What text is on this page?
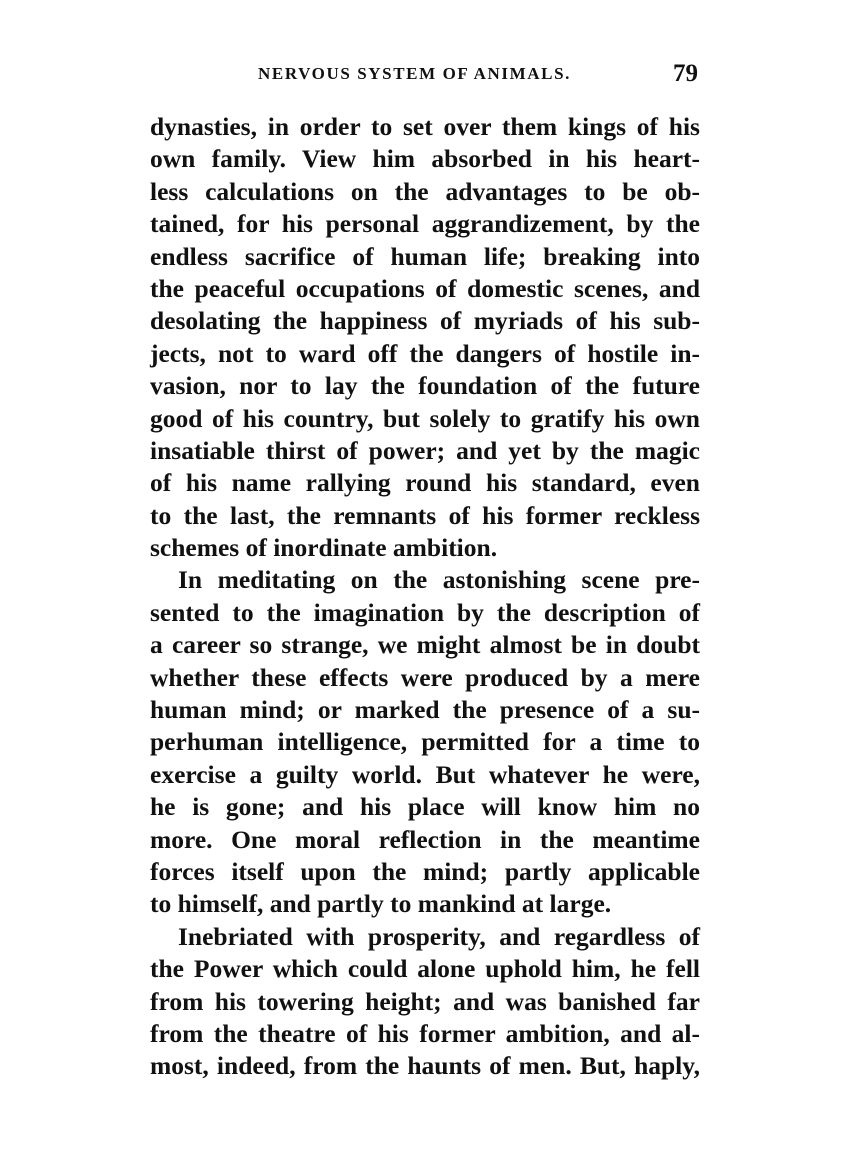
NERVOUS SYSTEM OF ANIMALS.	79
dynasties, in order to set over them kings of his
own family. View him absorbed in his heart-
less calculations on the advantages to be ob-
tained, for his personal aggrandizement, by the
endless sacrifice of human life; breaking into
the peaceful occupations of domestic scenes, and
desolating the happiness of myriads of his sub-
jects, not to ward off the dangers of hostile in-
vasion, nor to lay the foundation of the future
good of his country, but solely to gratify his own
insatiable thirst of power; and yet by the magic
of his name rallying round his standard, even
to the last, the remnants of his former reckless
schemes of inordinate ambition.
In meditating on the astonishing scene pre-
sented to the imagination by the description of
a career so strange, we might almost be in doubt
whether these effects were produced by a mere
human mind; or marked the presence of a su-
perhuman intelligence, permitted for a time to
exercise a guilty world. But whatever he were,
he is gone; and his place will know him no
more. One moral reflection in the meantime
forces itself upon the mind; partly applicable
to himself, and partly to mankind at large.
Inebriated with prosperity, and regardless of
the Power which could alone uphold him, he fell
from his towering height; and was banished far
from the theatre of his former ambition, and al-
most, indeed, from the haunts of men. But, haply,
